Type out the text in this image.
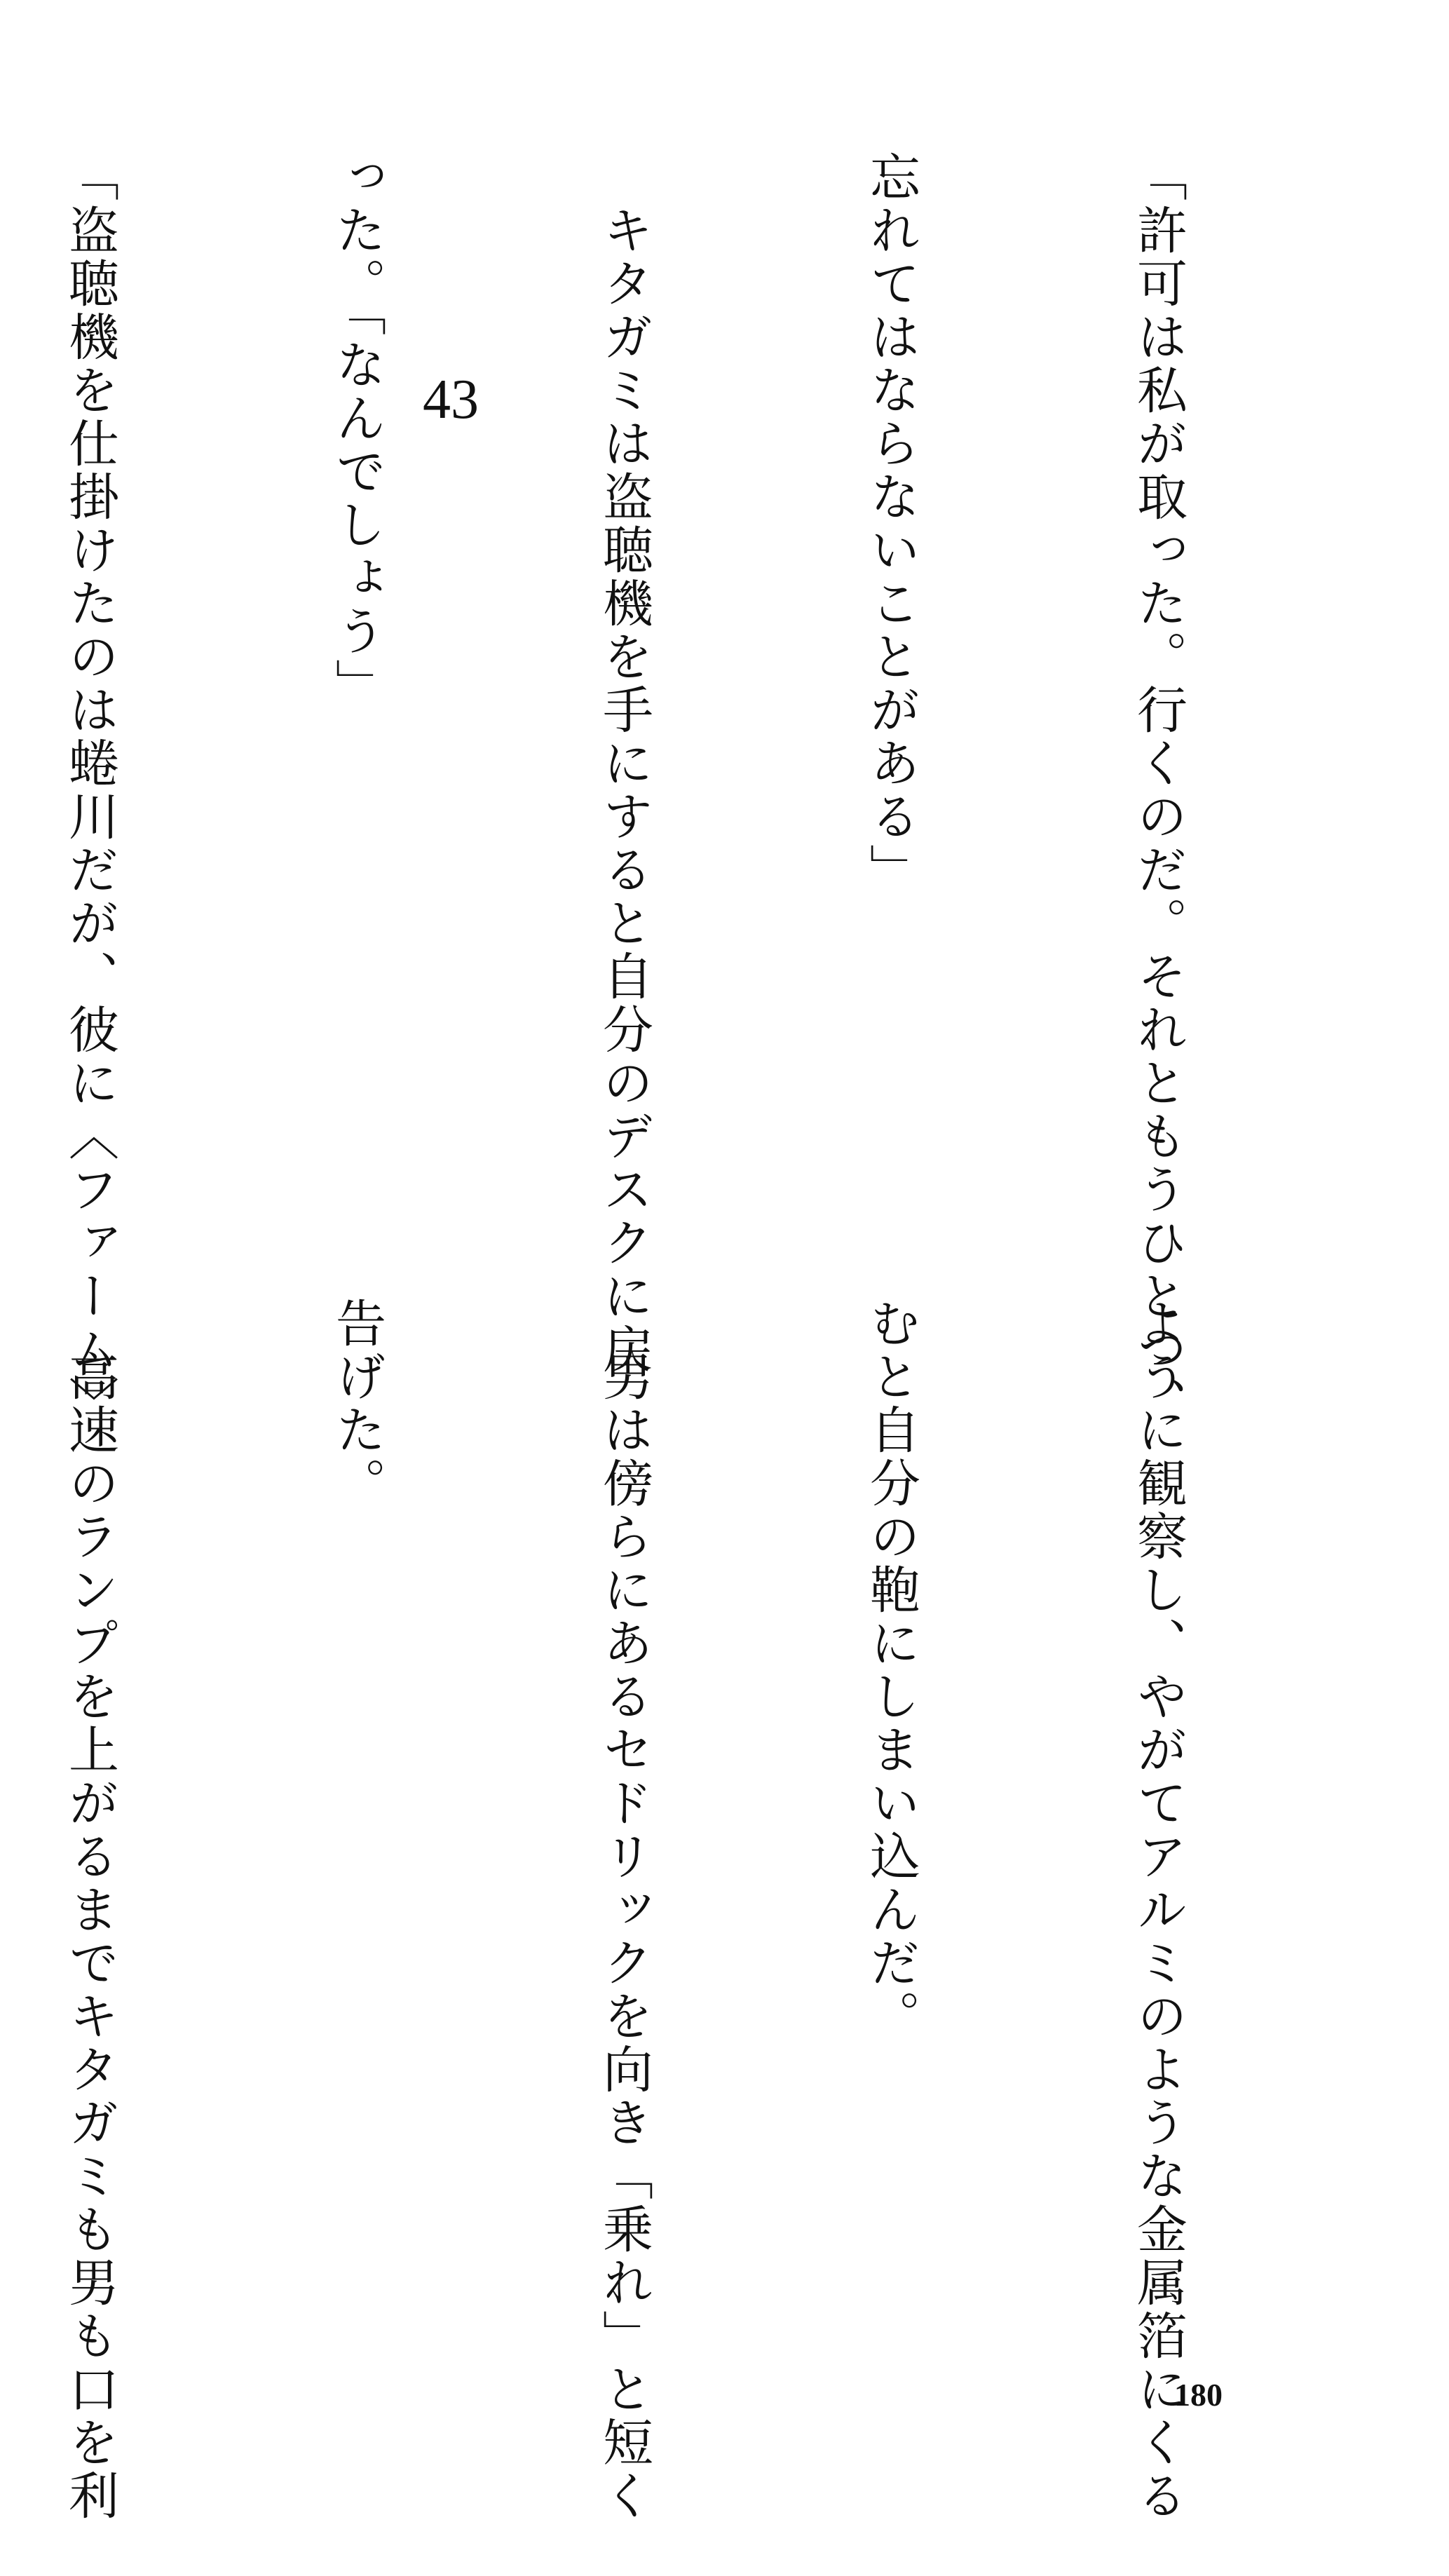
「許可は私が取った。行くのだ。それともうひとつ、

忘れてはならないことがある」

　キタガミは盗聴機を手にすると自分のデスクに戻

った。「なんでしょう」

「盗聴機を仕掛けたのは蜷川だが、彼に〈ファーム〉

	43

ように観察し、やがてアルミのような金属箔にくる

むと自分の鞄にしまい込んだ。

　男は傍らにあるセドリックを向き「乗れ」と短く

告げた。

　高速のランプを上がるまでキタガミも男も口を利

	180
